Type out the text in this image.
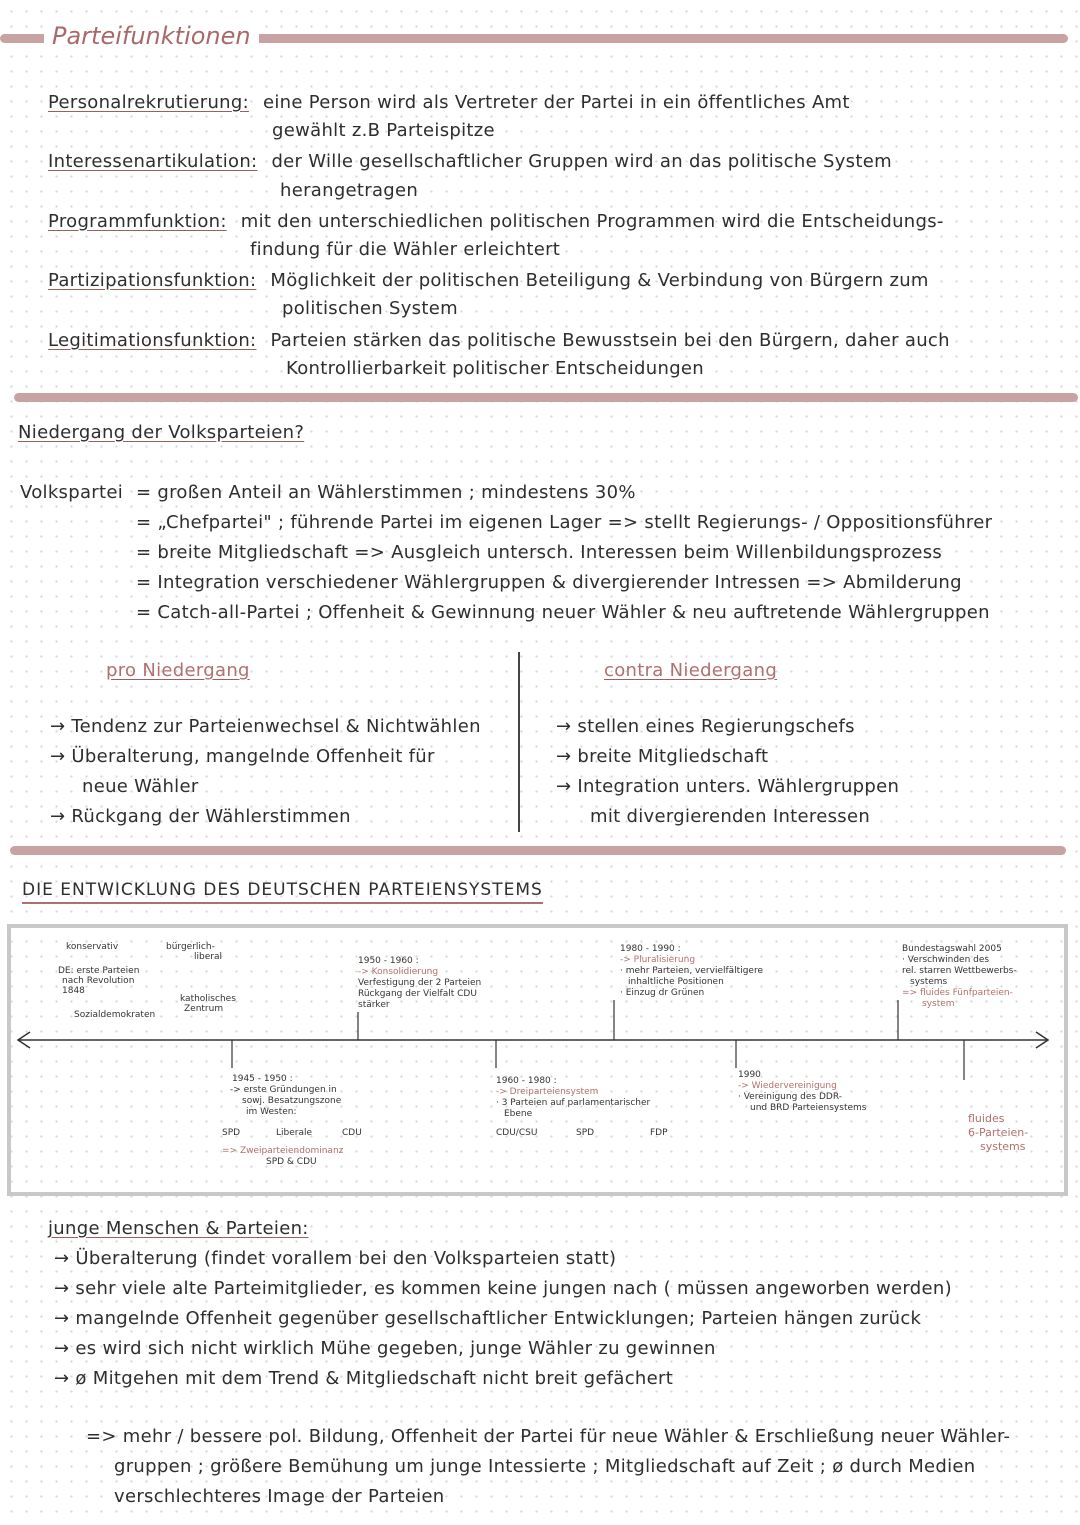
Parteifunktionen
Personalrekrutierung: eine Person wird als Vertreter der Partei in ein öffentliches Amt
gewählt z.B Parteispitze
Interessenartikulation: der Wille gesellschaftlicher Gruppen wird an das politische System
herangetragen
Programmfunktion: mit den unterschiedlichen politischen Programmen wird die Entscheidungs-
findung für die Wähler erleichtert
Partizipationsfunktion: Möglichkeit der politischen Beteiligung & Verbindung von Bürgern zum
politischen System
Legitimationsfunktion: Parteien stärken das politische Bewusstsein bei den Bürgern, daher auch
Kontrollierbarkeit politischer Entscheidungen
Niedergang der Volksparteien?
Volkspartei = großen Anteil an Wählerstimmen ; mindestens 30%
= „Chefpartei" ; führende Partei im eigenen Lager => stellt Regierungs- / Oppositionsführer
= breite Mitgliedschaft => Ausgleich untersch. Interessen beim Willenbildungsprozess
= Integration verschiedener Wählergruppen & divergierender Intressen => Abmilderung
= Catch-all-Partei ; Offenheit & Gewinnung neuer Wähler & neu auftretende Wählergruppen
pro Niedergang	contra Niedergang
→ Tendenz zur Parteienwechsel & Nichtwählen
→ Überalterung, mangelnde Offenheit für
neue Wähler
→ Rückgang der Wählerstimmen
→ stellen eines Regierungschefs
→ breite Mitgliedschaft
→ Integration unters. Wählergruppen
mit divergierenden Interessen
DIE ENTWICKLUNG DES DEUTSCHEN PARTEIENSYSTEMS
konservativ	bürgerlich-
liberal
DE: erste Parteien
nach Revolution
1848
Sozialdemokraten
katholisches
Zentrum
1945 - 1950 :
-> erste Gründungen in
sowj. Besatzungszone
im Westen:
SPD	Liberale	CDU
=> Zweiparteiendominanz
SPD & CDU
1950 - 1960 :
-> Konsolidierung
Verfestigung der 2 Parteien
Rückgang der Vielfalt CDU
stärker
1960 - 1980 :
-> Dreiparteiensystem
· 3 Parteien auf parlamentarischer
Ebene
CDU/CSU	SPD	FDP
1980 - 1990 :
-> Pluralisierung
· mehr Parteien, vervielfältigere
inhaltliche Positionen
· Einzug dr Grünen
1990
-> Wiedervereinigung
· Vereinigung des DDR-
und BRD Parteiensystems
Bundestagswahl 2005
· Verschwinden des
rel. starren Wettbewerbs-
systems
=> fluides Fünfparteien-
system
fluides
6-Parteien-
systems
junge Menschen & Parteien:
→ Überalterung (findet vorallem bei den Volksparteien statt)
→ sehr viele alte Parteimitglieder, es kommen keine jungen nach ( müssen angeworben werden)
→ mangelnde Offenheit gegenüber gesellschaftlicher Entwicklungen; Parteien hängen zurück
→ es wird sich nicht wirklich Mühe gegeben, junge Wähler zu gewinnen
→ ø Mitgehen mit dem Trend & Mitgliedschaft nicht breit gefächert
=> mehr / bessere pol. Bildung, Offenheit der Partei für neue Wähler & Erschließung neuer Wähler-
gruppen ; größere Bemühung um junge Intessierte ; Mitgliedschaft auf Zeit ; ø durch Medien
verschlechteres Image der Parteien
